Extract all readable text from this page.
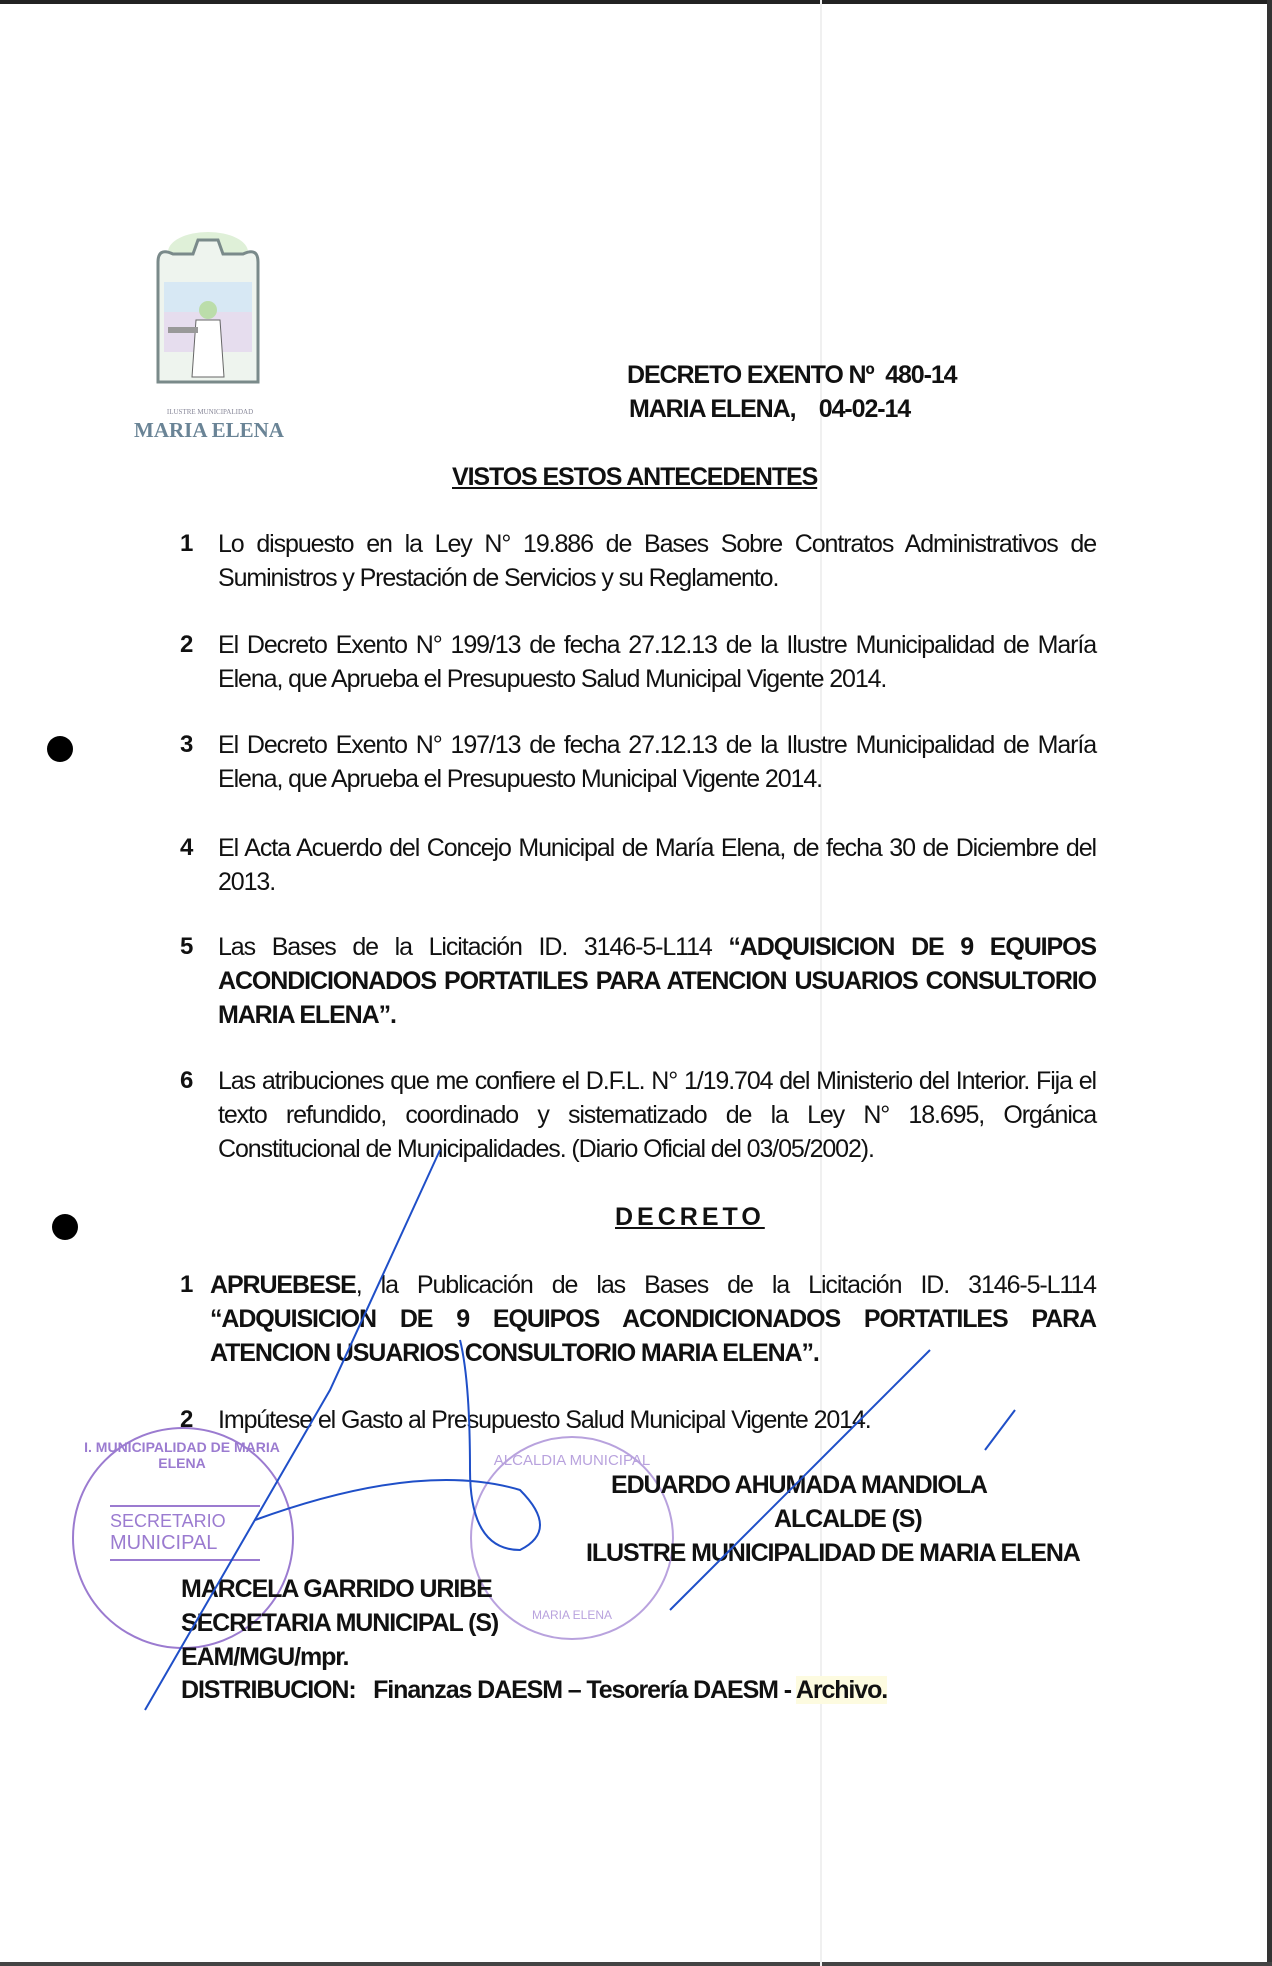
ILUSTRE MUNICIPALIDAD
MARIA ELENA
DECRETO EXENTO Nº  480-14
MARIA ELENA,    04-02-14
VISTOS ESTOS ANTECEDENTES
1 Lo dispuesto en la Ley N° 19.886 de Bases Sobre Contratos Administrativos de Suministros y Prestación de Servicios y su Reglamento.
2 El Decreto Exento N° 199/13 de fecha 27.12.13 de la Ilustre Municipalidad de María Elena, que Aprueba el Presupuesto Salud Municipal Vigente 2014.
3 El Decreto Exento N° 197/13 de fecha 27.12.13 de la Ilustre Municipalidad de María Elena, que Aprueba el Presupuesto Municipal Vigente 2014.
4 El Acta Acuerdo del Concejo Municipal de María Elena, de fecha 30 de Diciembre del 2013.
5 Las Bases de la Licitación ID. 3146-5-L114 “ADQUISICION DE 9 EQUIPOS ACONDICIONADOS PORTATILES PARA ATENCION USUARIOS CONSULTORIO MARIA ELENA”.
6 Las atribuciones que me confiere el D.F.L. N° 1/19.704 del Ministerio del Interior. Fija el texto refundido, coordinado y sistematizado de la Ley N° 18.695, Orgánica Constitucional de Municipalidades. (Diario Oficial del 03/05/2002).
DECRETO
1 APRUEBESE, la Publicación de las Bases de la Licitación ID. 3146-5-L114 “ADQUISICION DE 9 EQUIPOS ACONDICIONADOS PORTATILES PARA ATENCION USUARIOS CONSULTORIO MARIA ELENA”.
2 Impútese el Gasto al Presupuesto Salud Municipal Vigente 2014.
I. MUNICIPALIDAD DE MARIA ELENA
SECRETARIO
MUNICIPAL
ALCALDIA MUNICIPAL
MARIA ELENA
EDUARDO AHUMADA MANDIOLA
ALCALDE (S)
ILUSTRE MUNICIPALIDAD DE MARIA ELENA
MARCELA GARRIDO URIBE
SECRETARIA MUNICIPAL (S)
EAM/MGU/mpr.
DISTRIBUCION: Finanzas DAESM – Tesorería DAESM - Archivo.
